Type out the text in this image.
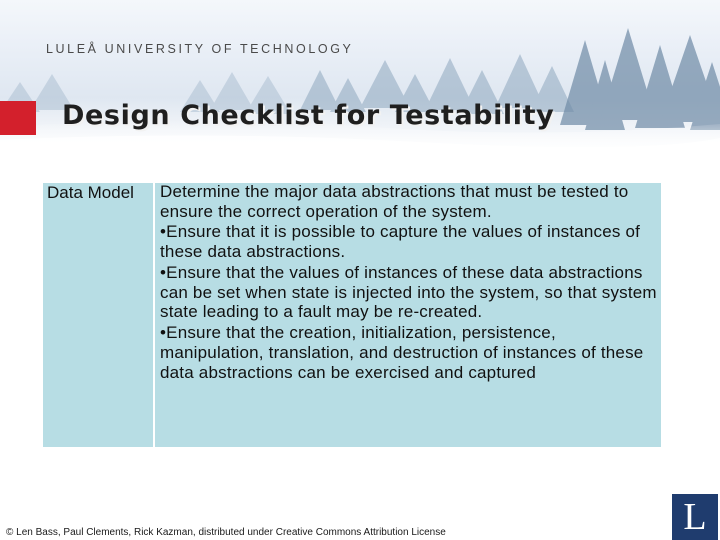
LULEÅ UNIVERSITY OF TECHNOLOGY
Design Checklist for Testability
Data Model	Determine the major data abstractions that must be tested to ensure the correct operation of the system.

•Ensure that it is possible to capture the values of instances of these data abstractions.

•Ensure that the values of instances of these data abstractions can be set when state is injected into the system, so that system state leading to a fault may be re-created.

•Ensure that the creation, initialization, persistence, manipulation, translation, and destruction of instances of these data abstractions can be exercised and captured

© Len Bass, Paul Clements, Rick Kazman, distributed under Creative Commons Attribution License	L
